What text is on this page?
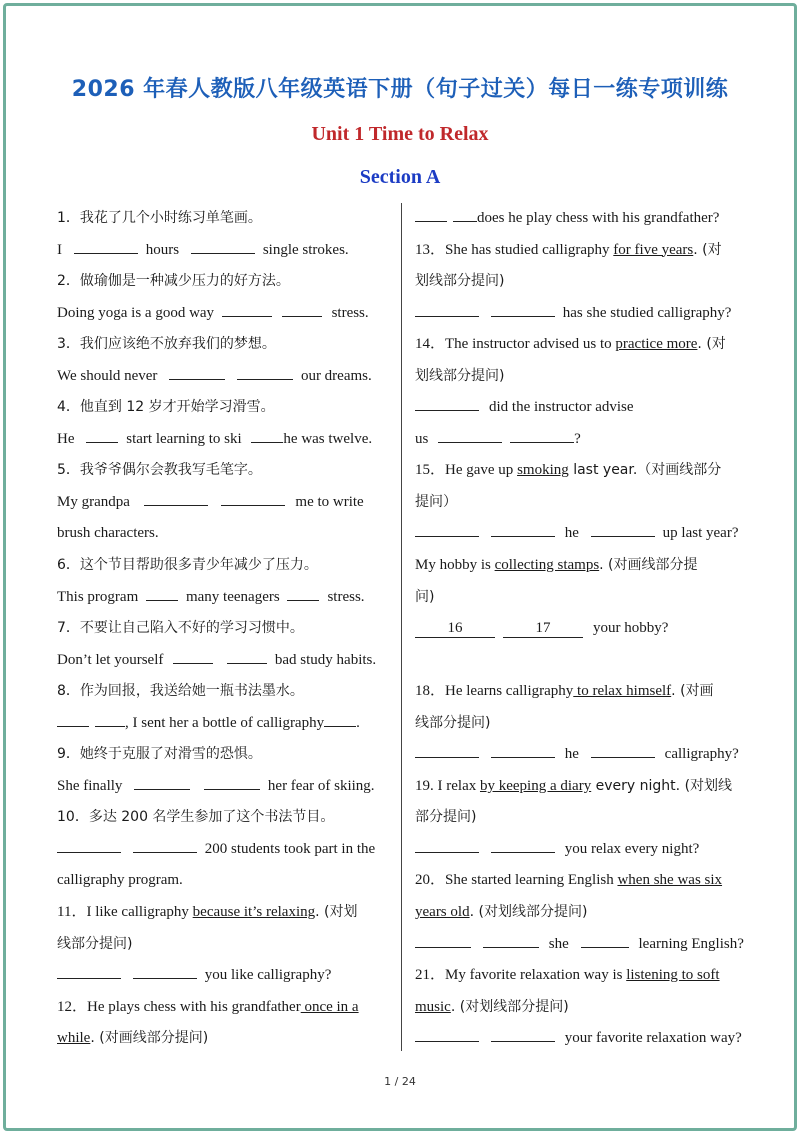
2026 年春人教版八年级英语下册（句子过关）每日一练专项训练
Unit 1 Time to Relax
Section A
1．我花了几个小时练习单笔画。
I	hours	single strokes.
2．做瑜伽是一种减少压力的好方法。
Doing yoga is a good way	stress.
3．我们应该绝不放弃我们的梦想。
We should never	our dreams.
4．他直到 12 岁才开始学习滑雪。
He	start learning to ski	he was twelve.
5．我爷爷偶尔会教我写毛笔字。
My grandpa	me to write
brush characters.
6．这个节目帮助很多青少年减少了压力。
This program	many teenagers	stress.
7．不要让自己陷入不好的学习习惯中。
Don’t let yourself	bad study habits.
8．作为回报，我送给她一瓶书法墨水。
, I sent her a bottle of calligraphy .
9．她终于克服了对滑雪的恐惧。
She finally	her fear of skiing.
10．多达 200 名学生参加了这个书法节目。
200 students took part in the
calligraphy program.
11．I like calligraphy because it’s relaxing. (对划
线部分提问)
you like calligraphy?
12．He plays chess with his grandfather once in a
while. (对画线部分提问)
does he play chess with his grandfather?
13．She has studied calligraphy for five years. (对
划线部分提问)
has she studied calligraphy?
14．The instructor advised us to practice more. (对
划线部分提问)
did the instructor advise
us	?
15．He gave up smoking last year.（对画线部分
提问）
he	up last year?
My hobby is collecting stamps. (对画线部分提
问)
16	17	your hobby?
18．He learns calligraphy to relax himself. (对画
线部分提问)
he	calligraphy?
19. I relax by keeping a diary every night. (对划线
部分提问)
you relax every night?
20．She started learning English when she was six
years old. (对划线部分提问)
she	learning English?
21．My favorite relaxation way is listening to soft
music. (对划线部分提问)
your favorite relaxation way?
1 / 24
